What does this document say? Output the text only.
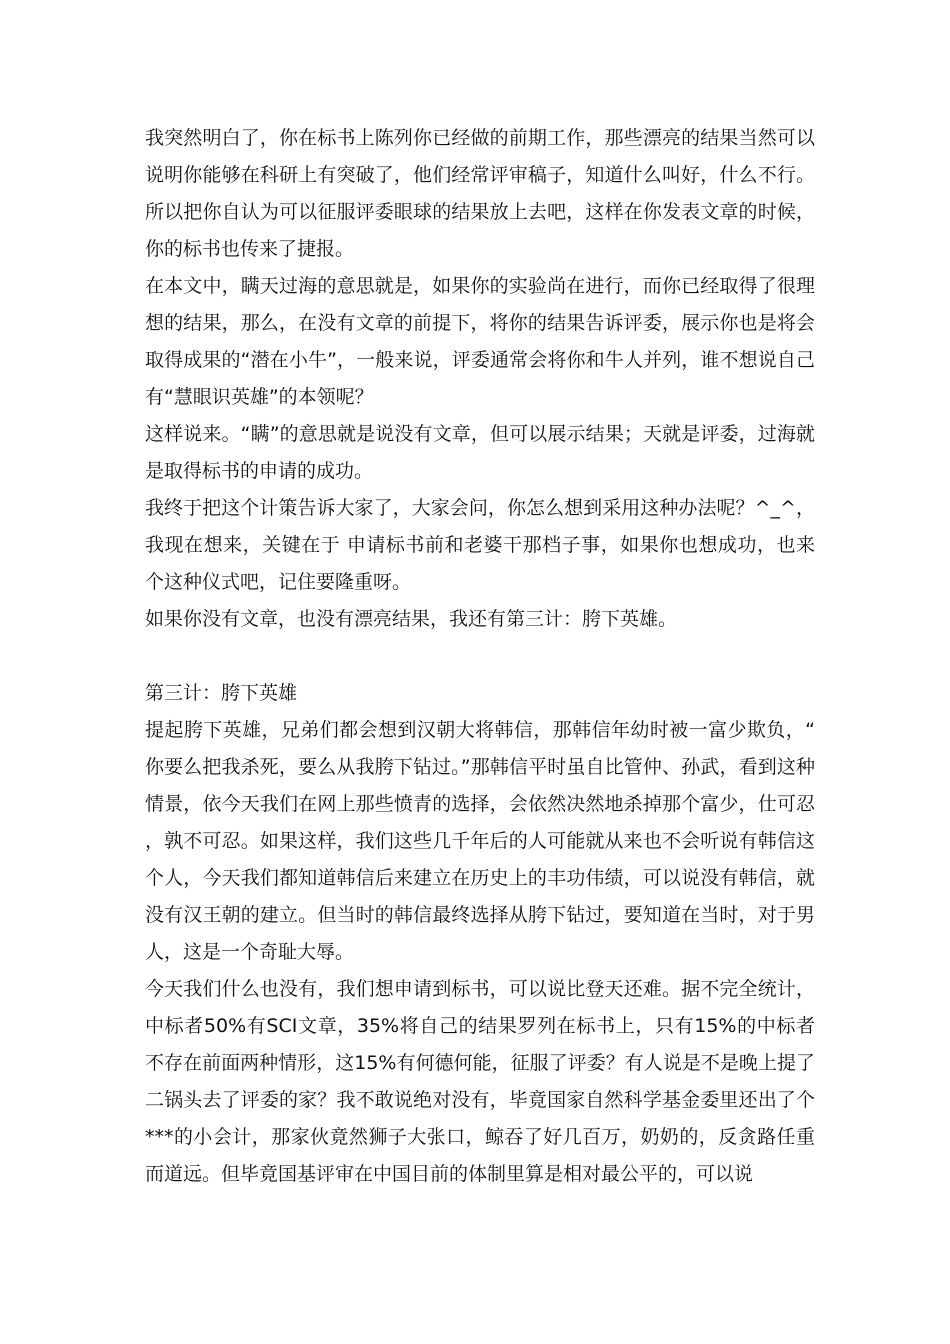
我突然明白了，你在标书上陈列你已经做的前期工作，那些漂亮的结果当然可以说明你能够在科研上有突破了，他们经常评审稿子，知道什么叫好，什么不行。所以把你自认为可以征服评委眼球的结果放上去吧，这样在你发表文章的时候，你的标书也传来了捷报。

在本文中，瞒天过海的意思就是，如果你的实验尚在进行，而你已经取得了很理想的结果，那么，在没有文章的前提下，将你的结果告诉评委，展示你也是将会取得成果的“潜在小牛”，一般来说，评委通常会将你和牛人并列，谁不想说自己有“慧眼识英雄”的本领呢？

这样说来。“瞒”的意思就是说没有文章，但可以展示结果；天就是评委，过海就是取得标书的申请的成功。

我终于把这个计策告诉大家了，大家会问，你怎么想到采用这种办法呢？^_^，我现在想来，关键在于 申请标书前和老婆干那档子事，如果你也想成功，也来个这种仪式吧，记住要隆重呀。

如果你没有文章，也没有漂亮结果，我还有第三计：胯下英雄。

第三计：胯下英雄

提起胯下英雄，兄弟们都会想到汉朝大将韩信，那韩信年幼时被一富少欺负，“你要么把我杀死，要么从我胯下钻过。”那韩信平时虽自比管仲、孙武，看到这种情景，依今天我们在网上那些愤青的选择，会依然决然地杀掉那个富少，仕可忍，孰不可忍。如果这样，我们这些几千年后的人可能就从来也不会听说有韩信这个人，今天我们都知道韩信后来建立在历史上的丰功伟绩，可以说没有韩信，就没有汉王朝的建立。但当时的韩信最终选择从胯下钻过，要知道在当时，对于男人，这是一个奇耻大辱。

今天我们什么也没有，我们想申请到标书，可以说比登天还难。据不完全统计，中标者50%有SCI文章，35%将自己的结果罗列在标书上，只有15%的中标者不存在前面两种情形，这15%有何德何能，征服了评委？有人说是不是晚上提了二锅头去了评委的家？我不敢说绝对没有，毕竟国家自然科学基金委里还出了个***的小会计，那家伙竟然狮子大张口，鲸吞了好几百万，奶奶的，反贪路任重而道远。但毕竟国基评审在中国目前的体制里算是相对最公平的，可以说
